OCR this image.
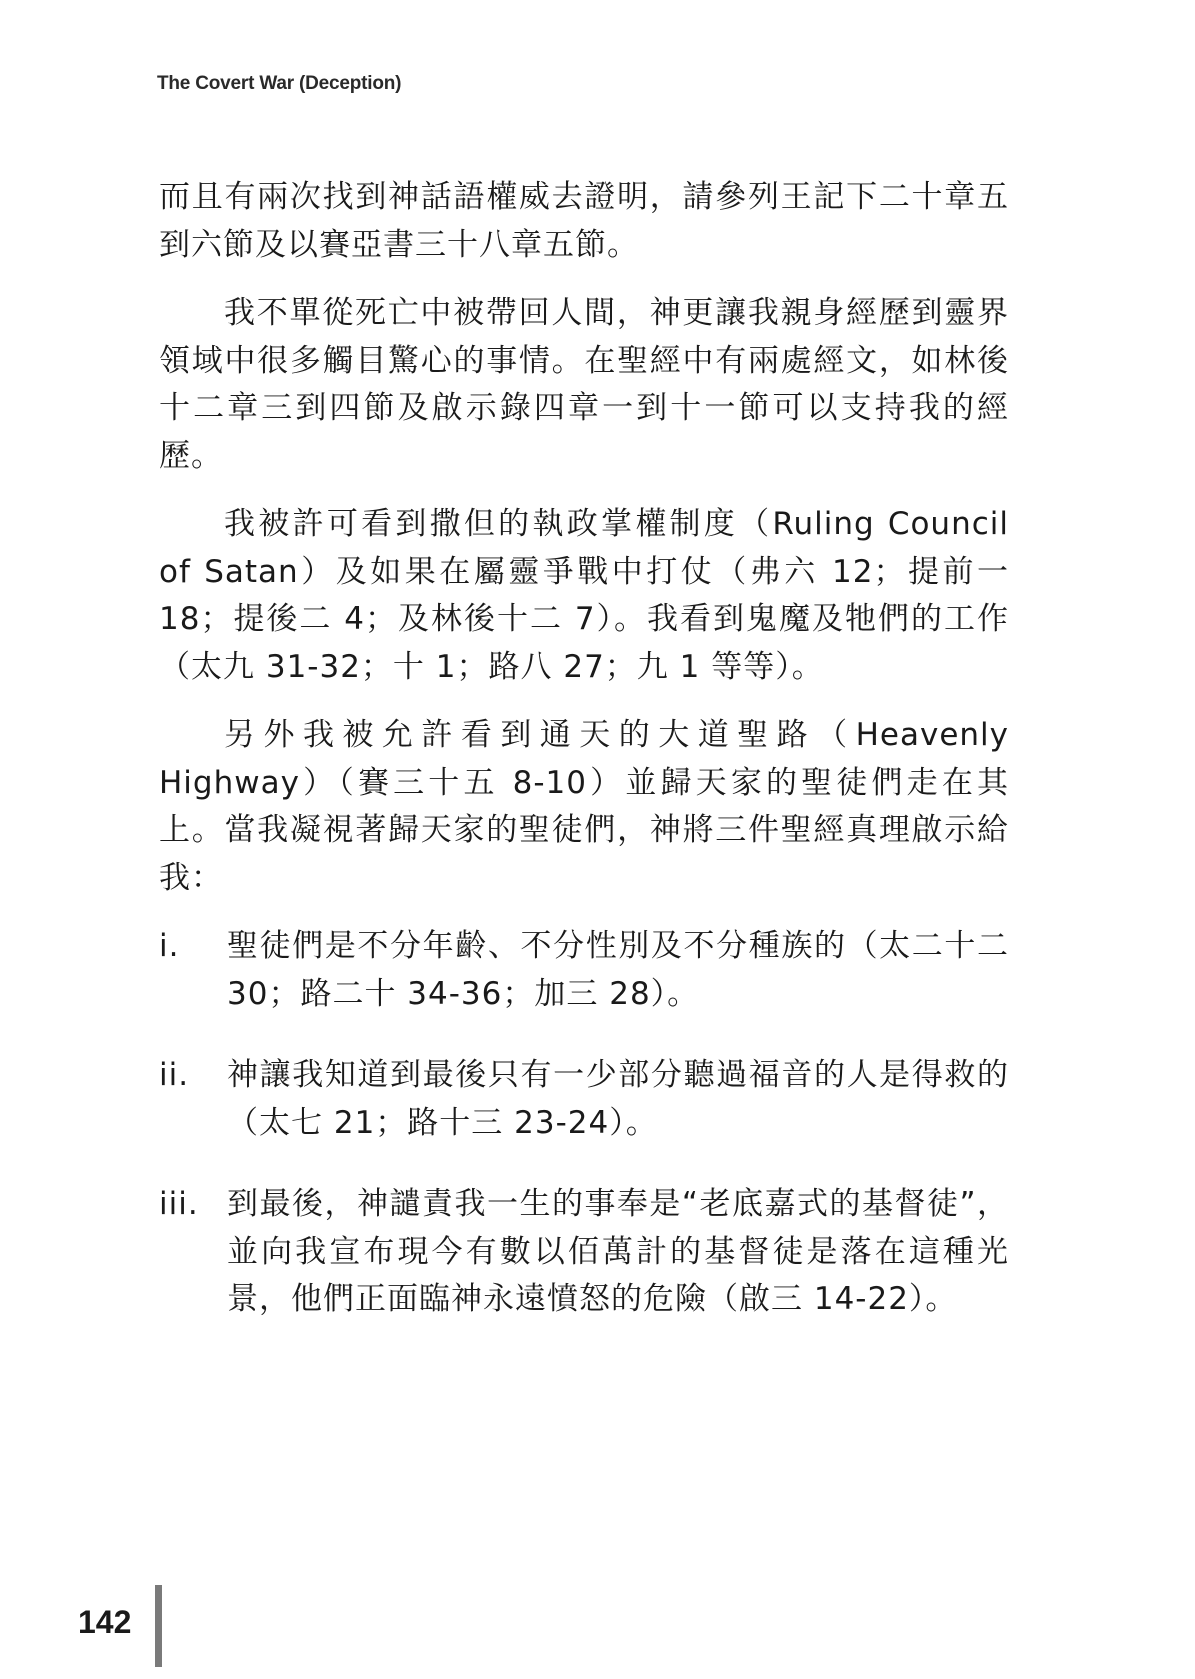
The Covert War (Deception)

而且有兩次找到神話語權威去證明，請參列王記下二十章五到六節及以賽亞書三十八章五節。

我不單從死亡中被帶回人間，神更讓我親身經歷到靈界領域中很多觸目驚心的事情。在聖經中有兩處經文，如林後十二章三到四節及啟示錄四章一到十一節可以支持我的經歷。

我被許可看到撒但的執政掌權制度（Ruling Council of Satan）及如果在屬靈爭戰中打仗（弗六 12；提前一 18；提後二 4；及林後十二 7）。我看到鬼魔及牠們的工作（太九 31-32；十 1；路八 27；九 1 等等）。

另外我被允許看到通天的大道聖路（Heavenly Highway）（賽三十五 8-10）並歸天家的聖徒們走在其上。當我凝視著歸天家的聖徒們，神將三件聖經真理啟示給我：

i.	聖徒們是不分年齡、不分性別及不分種族的（太二十二 30；路二十 34-36；加三 28）。
ii.	神讓我知道到最後只有一少部分聽過福音的人是得救的（太七 21；路十三 23-24）。
iii. 到最後，神譴責我一生的事奉是“老底嘉式的基督徒”，並向我宣布現今有數以佰萬計的基督徒是落在這種光景，他們正面臨神永遠憤怒的危險（啟三 14-22）。
142
